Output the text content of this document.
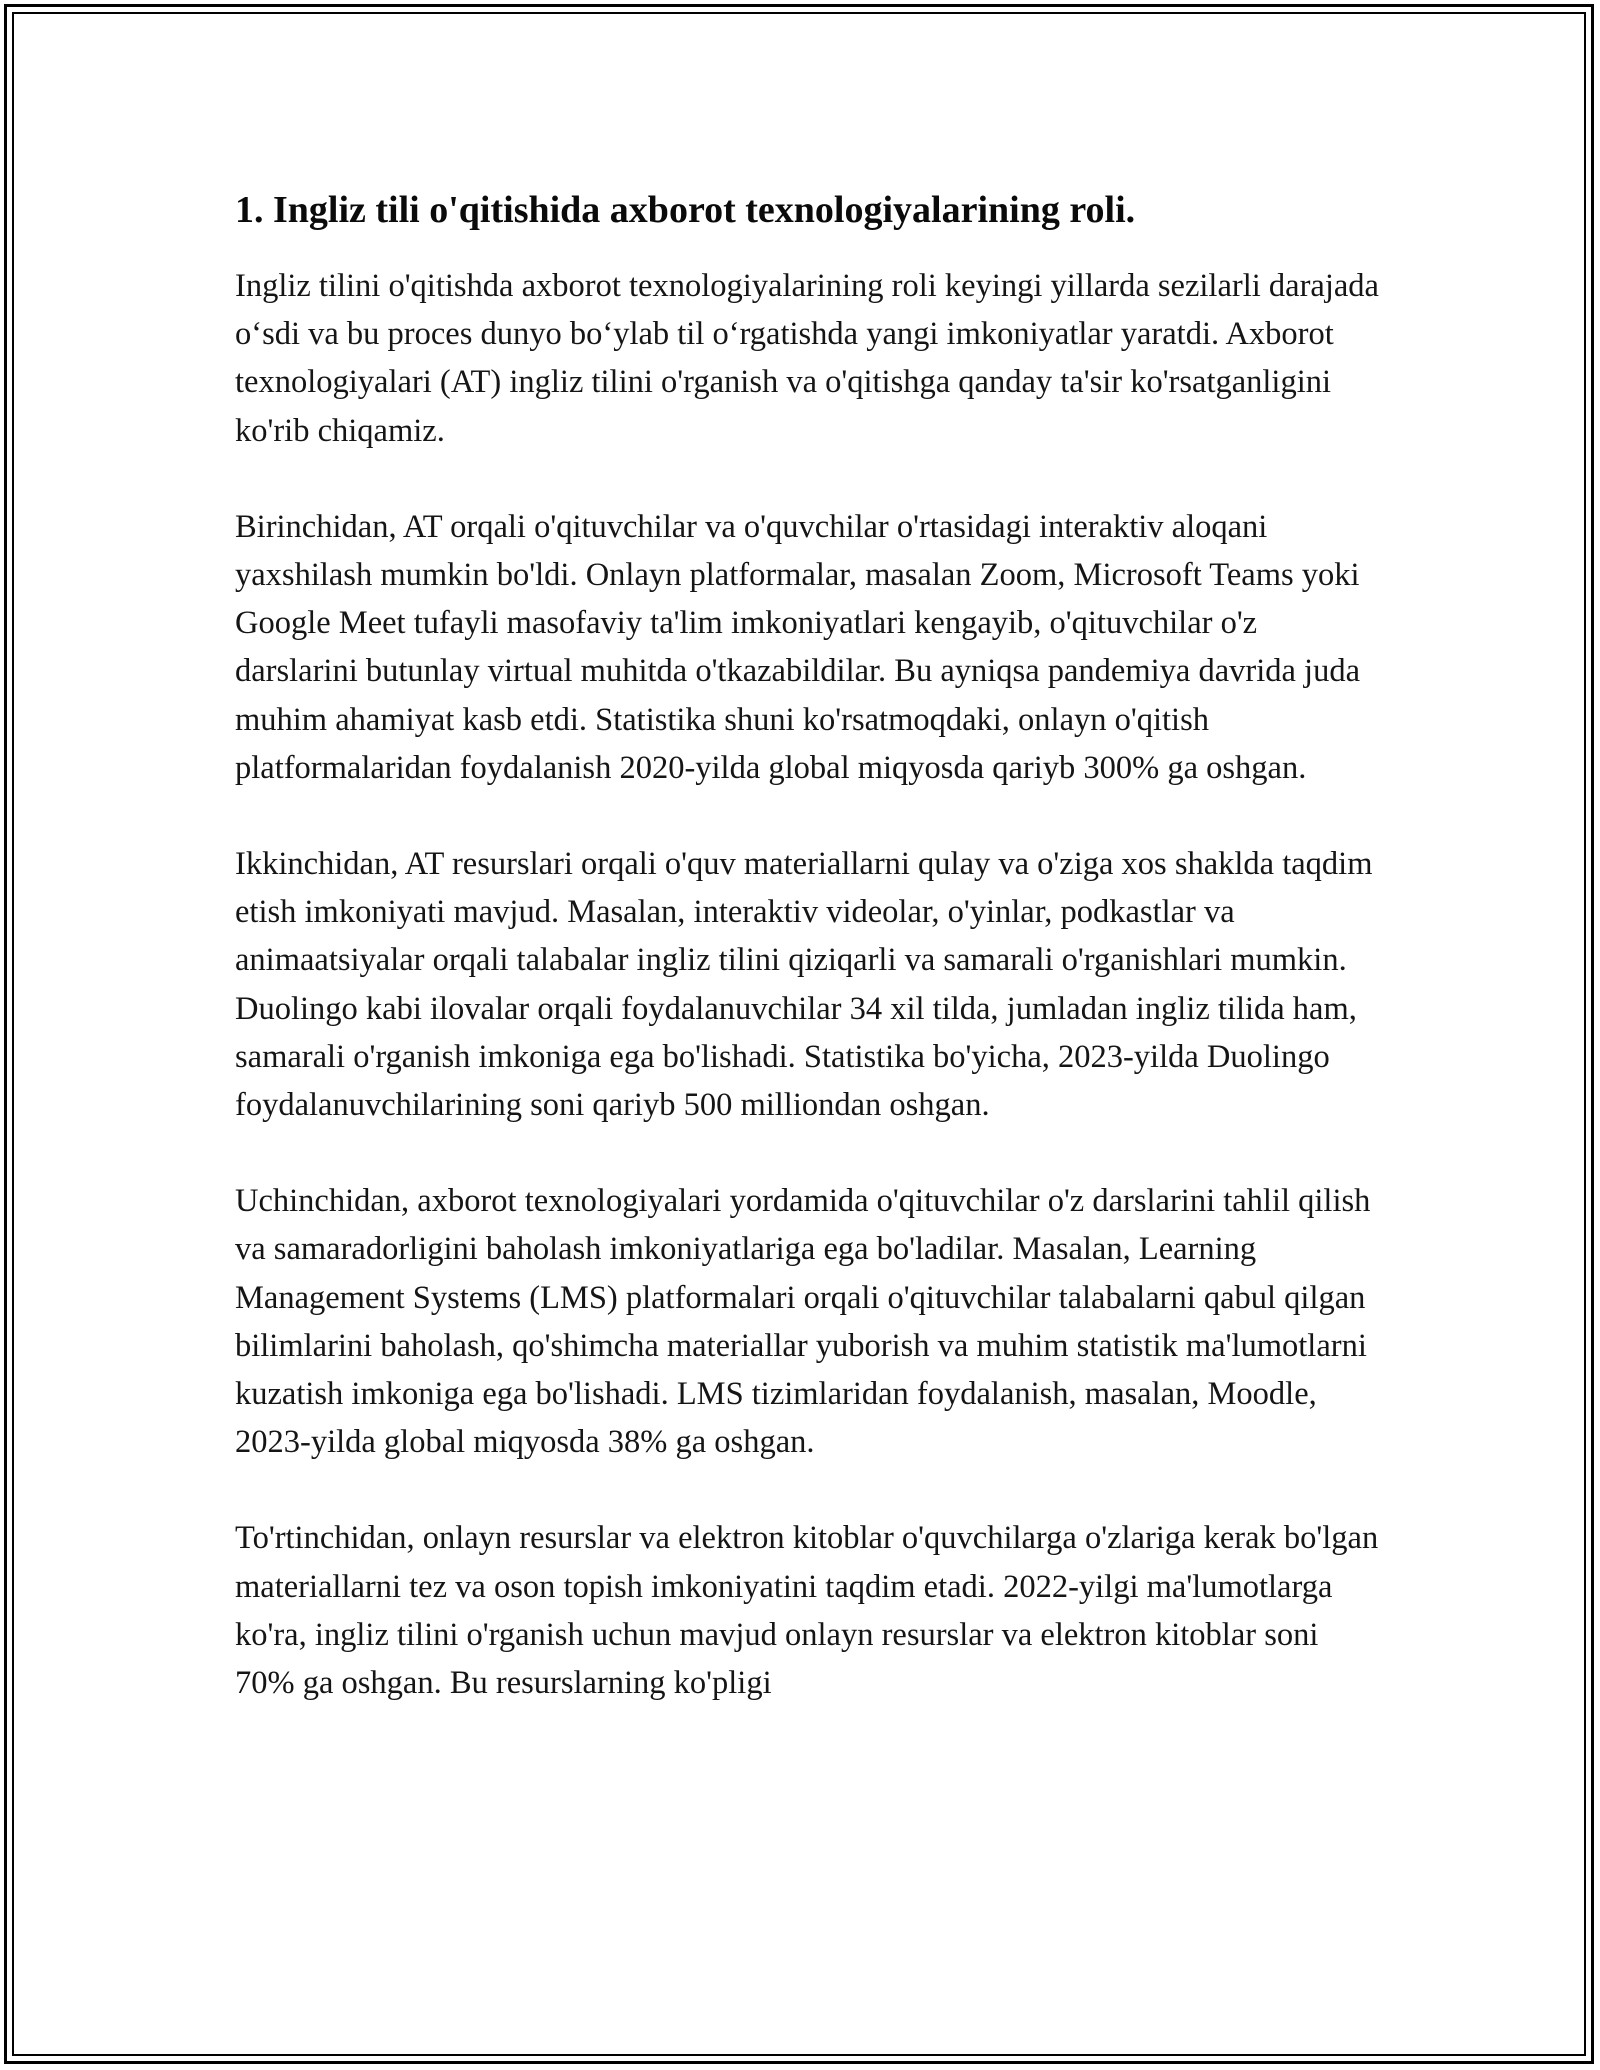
1. Ingliz tili o'qitishida axborot texnologiyalarining roli.

Ingliz tilini o'qitishda axborot texnologiyalarining roli keyingi yillarda sezilarli darajada oʻsdi va bu proces dunyo boʻylab til oʻrgatishda yangi imkoniyatlar yaratdi. Axborot texnologiyalari (AT) ingliz tilini o'rganish va o'qitishga qanday ta'sir ko'rsatganligini ko'rib chiqamiz.

Birinchidan, AT orqali o'qituvchilar va o'quvchilar o'rtasidagi interaktiv aloqani yaxshilash mumkin bo'ldi. Onlayn platformalar, masalan Zoom, Microsoft Teams yoki Google Meet tufayli masofaviy ta'lim imkoniyatlari kengayib, o'qituvchilar o'z darslarini butunlay virtual muhitda o'tkazabildilar. Bu ayniqsa pandemiya davrida juda muhim ahamiyat kasb etdi. Statistika shuni ko'rsatmoqdaki, onlayn o'qitish platformalaridan foydalanish 2020-yilda global miqyosda qariyb 300% ga oshgan.

Ikkinchidan, AT resurslari orqali o'quv materiallarni qulay va o'ziga xos shaklda taqdim etish imkoniyati mavjud. Masalan, interaktiv videolar, o'yinlar, podkastlar va animaatsiyalar orqali talabalar ingliz tilini qiziqarli va samarali o'rganishlari mumkin. Duolingo kabi ilovalar orqali foydalanuvchilar 34 xil tilda, jumladan ingliz tilida ham, samarali o'rganish imkoniga ega bo'lishadi. Statistika bo'yicha, 2023-yilda Duolingo foydalanuvchilarining soni qariyb 500 milliondan oshgan.

Uchinchidan, axborot texnologiyalari yordamida o'qituvchilar o'z darslarini tahlil qilish va samaradorligini baholash imkoniyatlariga ega bo'ladilar. Masalan, Learning Management Systems (LMS) platformalari orqali o'qituvchilar talabalarni qabul qilgan bilimlarini baholash, qo'shimcha materiallar yuborish va muhim statistik ma'lumotlarni kuzatish imkoniga ega bo'lishadi. LMS tizimlaridan foydalanish, masalan, Moodle, 2023-yilda global miqyosda 38% ga oshgan.

To'rtinchidan, onlayn resurslar va elektron kitoblar o'quvchilarga o'zlariga kerak bo'lgan materiallarni tez va oson topish imkoniyatini taqdim etadi. 2022-yilgi ma'lumotlarga ko'ra, ingliz tilini o'rganish uchun mavjud onlayn resurslar va elektron kitoblar soni 70% ga oshgan. Bu resurslarning ko'pligi
